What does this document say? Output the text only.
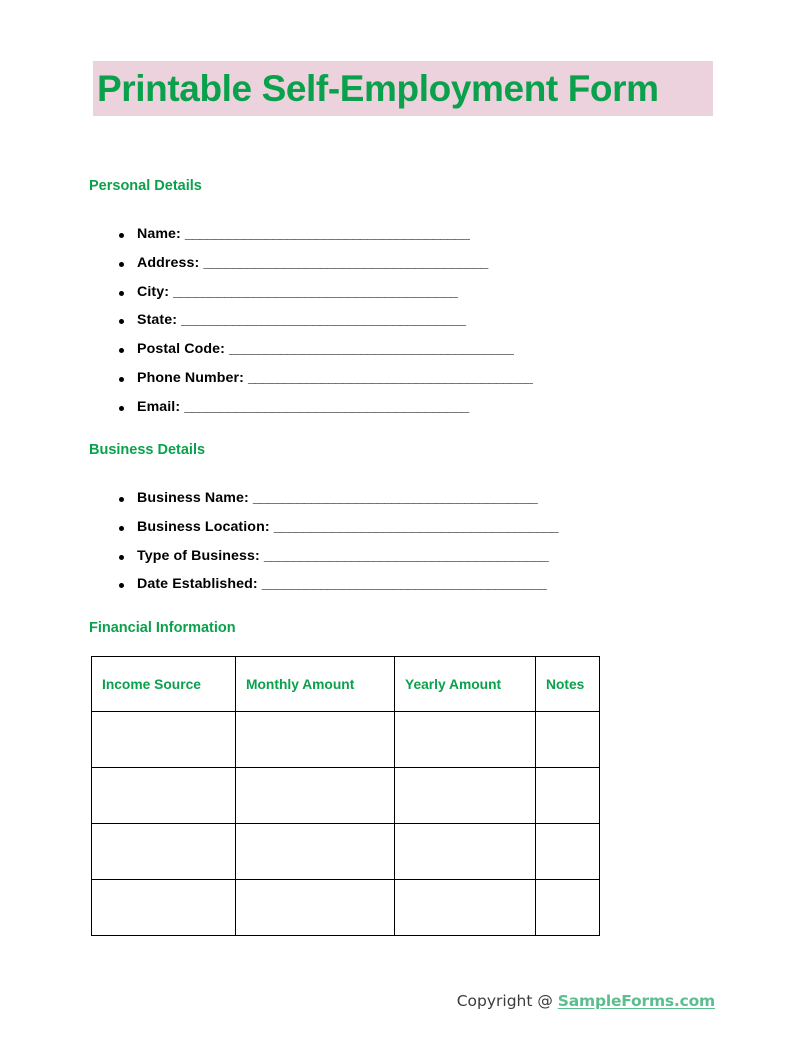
Printable Self-Employment Form
Personal Details
Name: _______________________________________
Address: _______________________________________
City: _______________________________________
State: _______________________________________
Postal Code: _______________________________________
Phone Number: _______________________________________
Email: _______________________________________
Business Details
Business Name: _______________________________________
Business Location: _______________________________________
Type of Business: _______________________________________
Date Established: _______________________________________
Financial Information
Income Source	Monthly Amount	Yearly Amount	Notes

Copyright @ SampleForms.com
